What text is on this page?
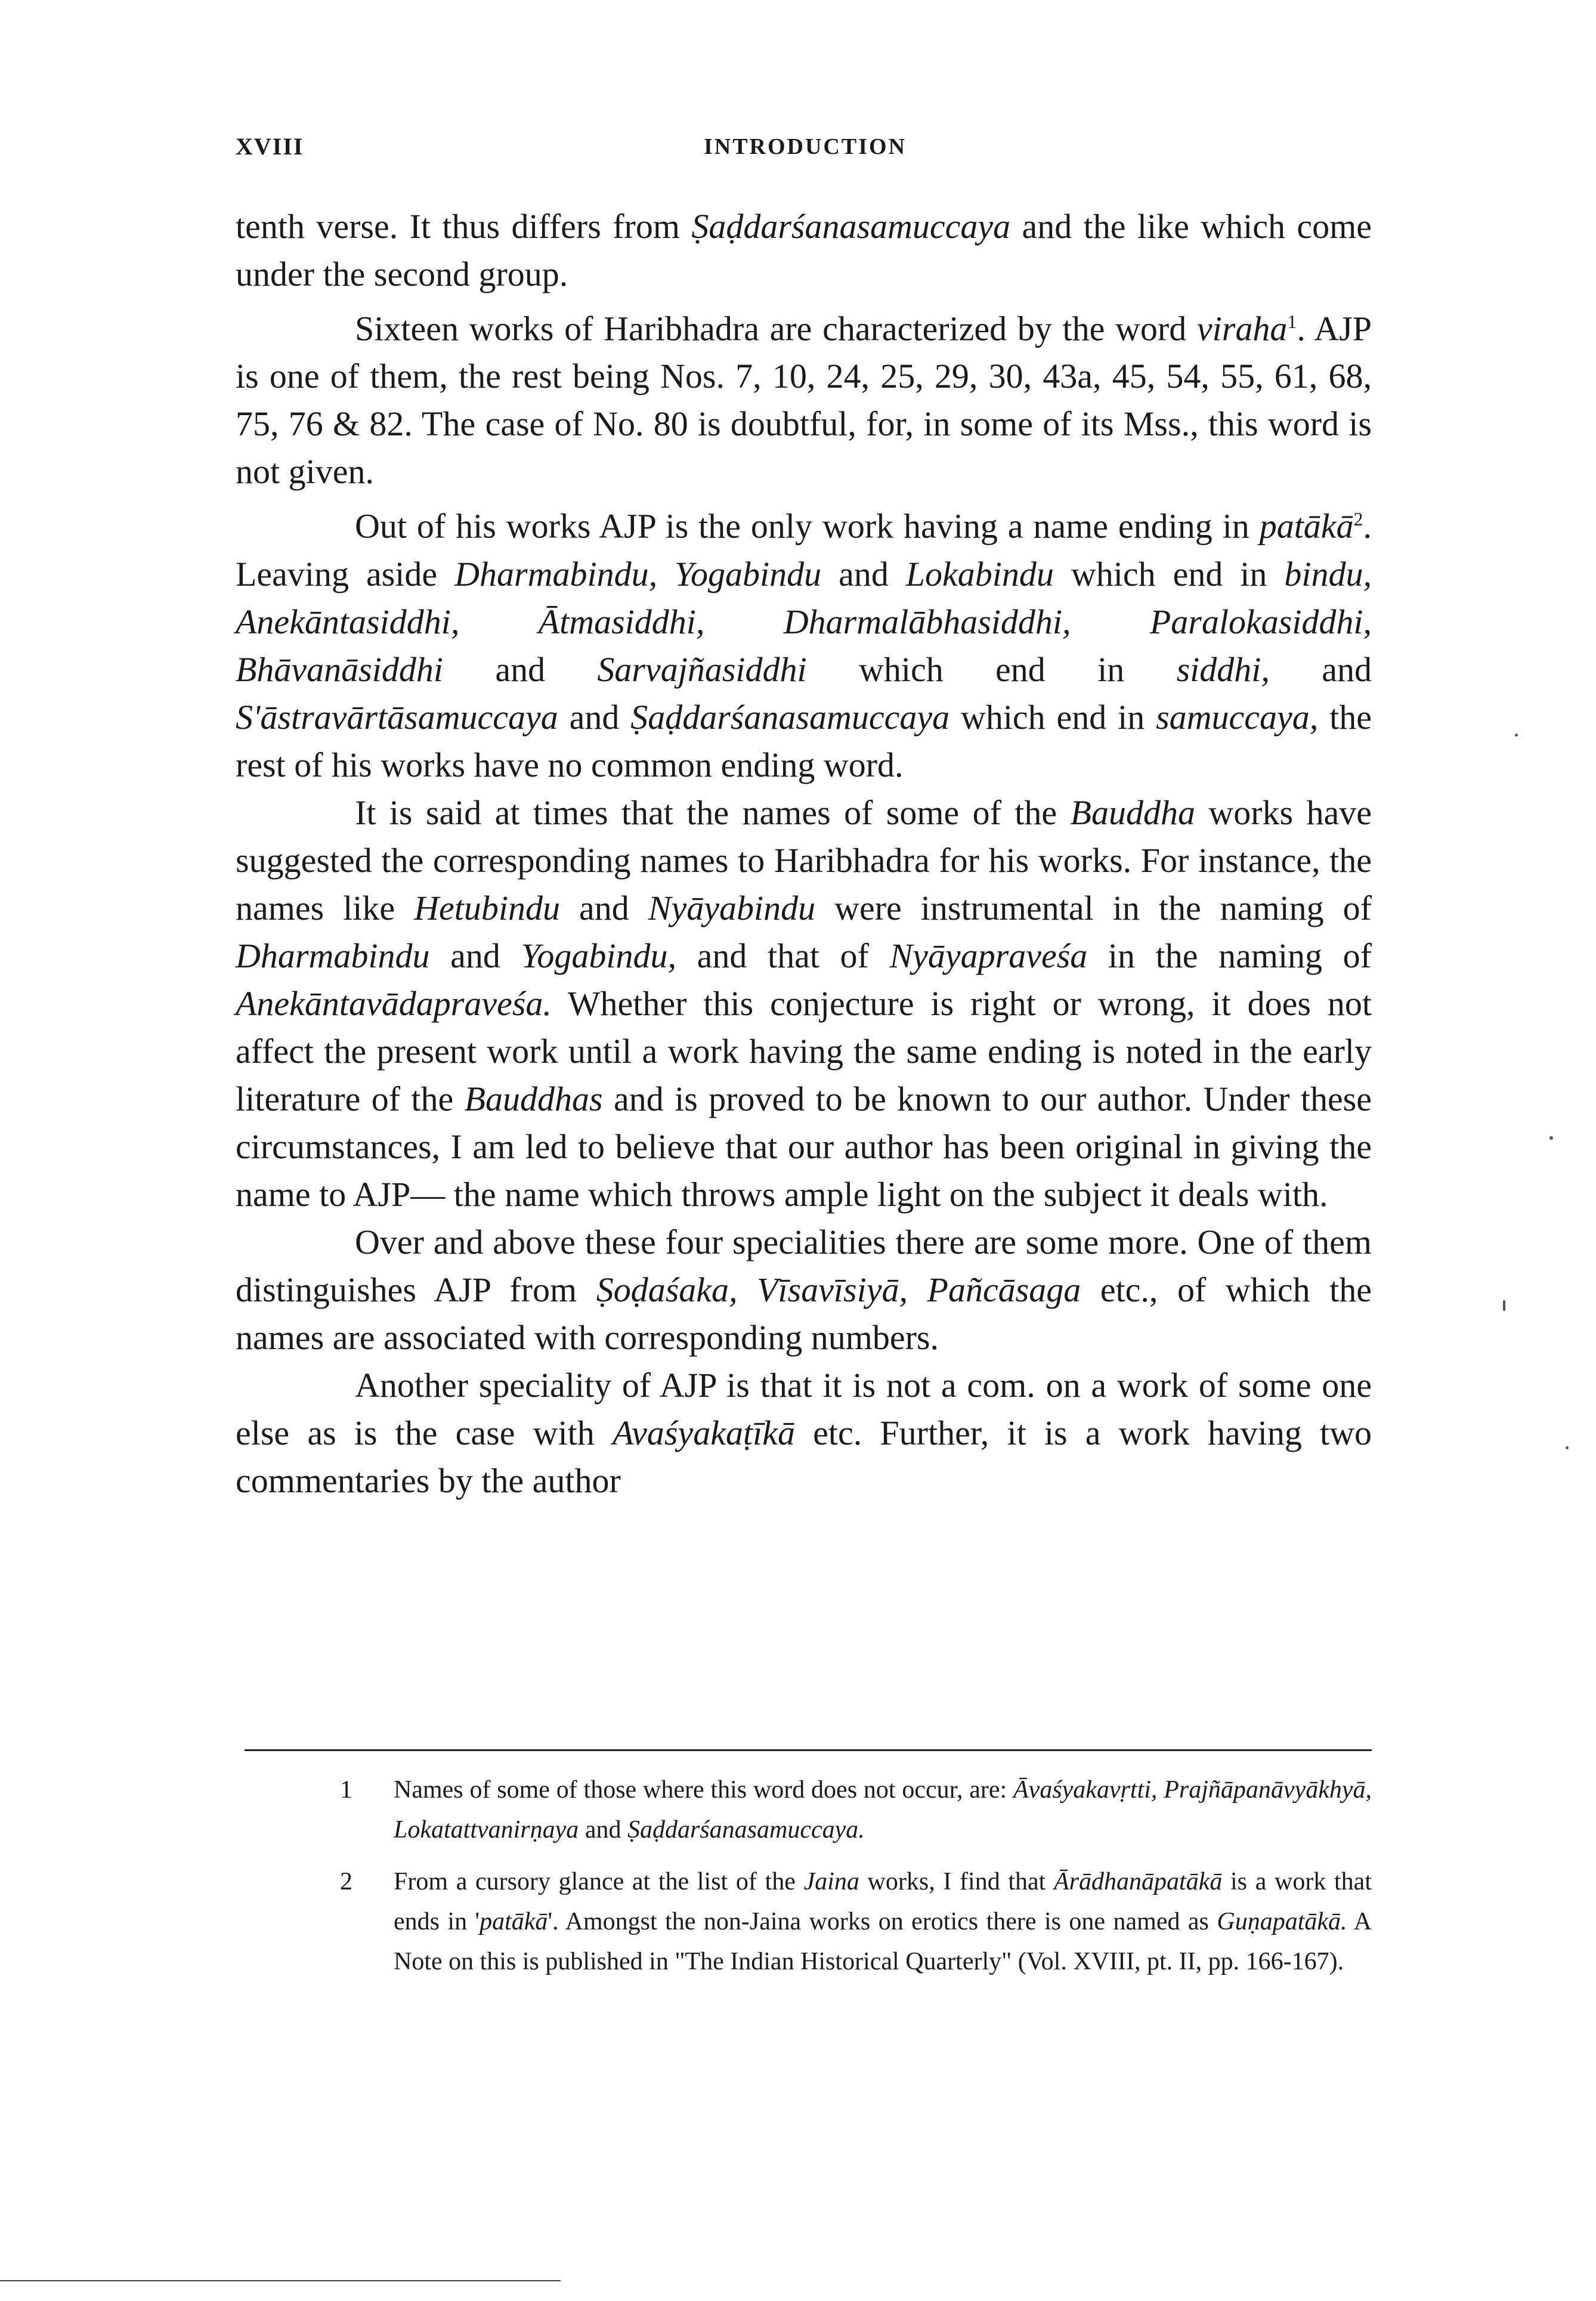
XVIII	INTRODUCTION

tenth verse. It thus differs from Ṣaḍdarśanasamuccaya and the like which come under the second group.

Sixteen works of Haribhadra are characterized by the word viraha$^1$. AJP is one of them, the rest being Nos. 7, 10, 24, 25, 29, 30, 43a, 45, 54, 55, 61, 68, 75, 76 & 82. The case of No. 80 is doubtful, for, in some of its Mss., this word is not given.

Out of his works AJP is the only work having a name ending in patākā$^2$. Leaving aside Dharmabindu, Yogabindu and Lokabindu which end in bindu, Anekāntasiddhi, Ātmasiddhi, Dharmalābhasiddhi, Paralokasiddhi, Bhāvanāsiddhi and Sarvajñasiddhi which end in siddhi, and S'āstravārtāsamuccaya and Ṣaḍdarśanasamuccaya which end in samuccaya, the rest of his works have no common ending word.

It is said at times that the names of some of the Bauddha works have suggested the corresponding names to Haribhadra for his works. For instance, the names like Hetubindu and Nyāyabindu were instrumental in the naming of Dharmabindu and Yogabindu, and that of Nyāyapraveśa in the naming of Anekāntavādapraveśa. Whether this conjecture is right or wrong, it does not affect the present work until a work having the same ending is noted in the early literature of the Bauddhas and is proved to be known to our author. Under these circumstances, I am led to believe that our author has been original in giving the name to AJP— the name which throws ample light on the subject it deals with.

Over and above these four specialities there are some more. One of them distinguishes AJP from Ṣoḍaśaka, Vīsavīsiyā, Pañcāsaga etc., of which the names are associated with corresponding numbers.

Another speciality of AJP is that it is not a com. on a work of some one else as is the case with Avaśyakaṭīkā etc. Further, it is a work having two commentaries by the author

1 Names of some of those where this word does not occur, are: Āvaśyakavṛtti, Prajñāpanāvyākhyā, Lokatattvanirṇaya and Ṣaḍdarśanasamuccaya.

2 From a cursory glance at the list of the Jaina works, I find that Ārādhanāpatākā is a work that ends in 'patākā'. Amongst the non-Jaina works on erotics there is one named as Guṇapatākā. A Note on this is published in "The Indian Historical Quarterly" (Vol. XVIII, pt. II, pp. 166-167).
